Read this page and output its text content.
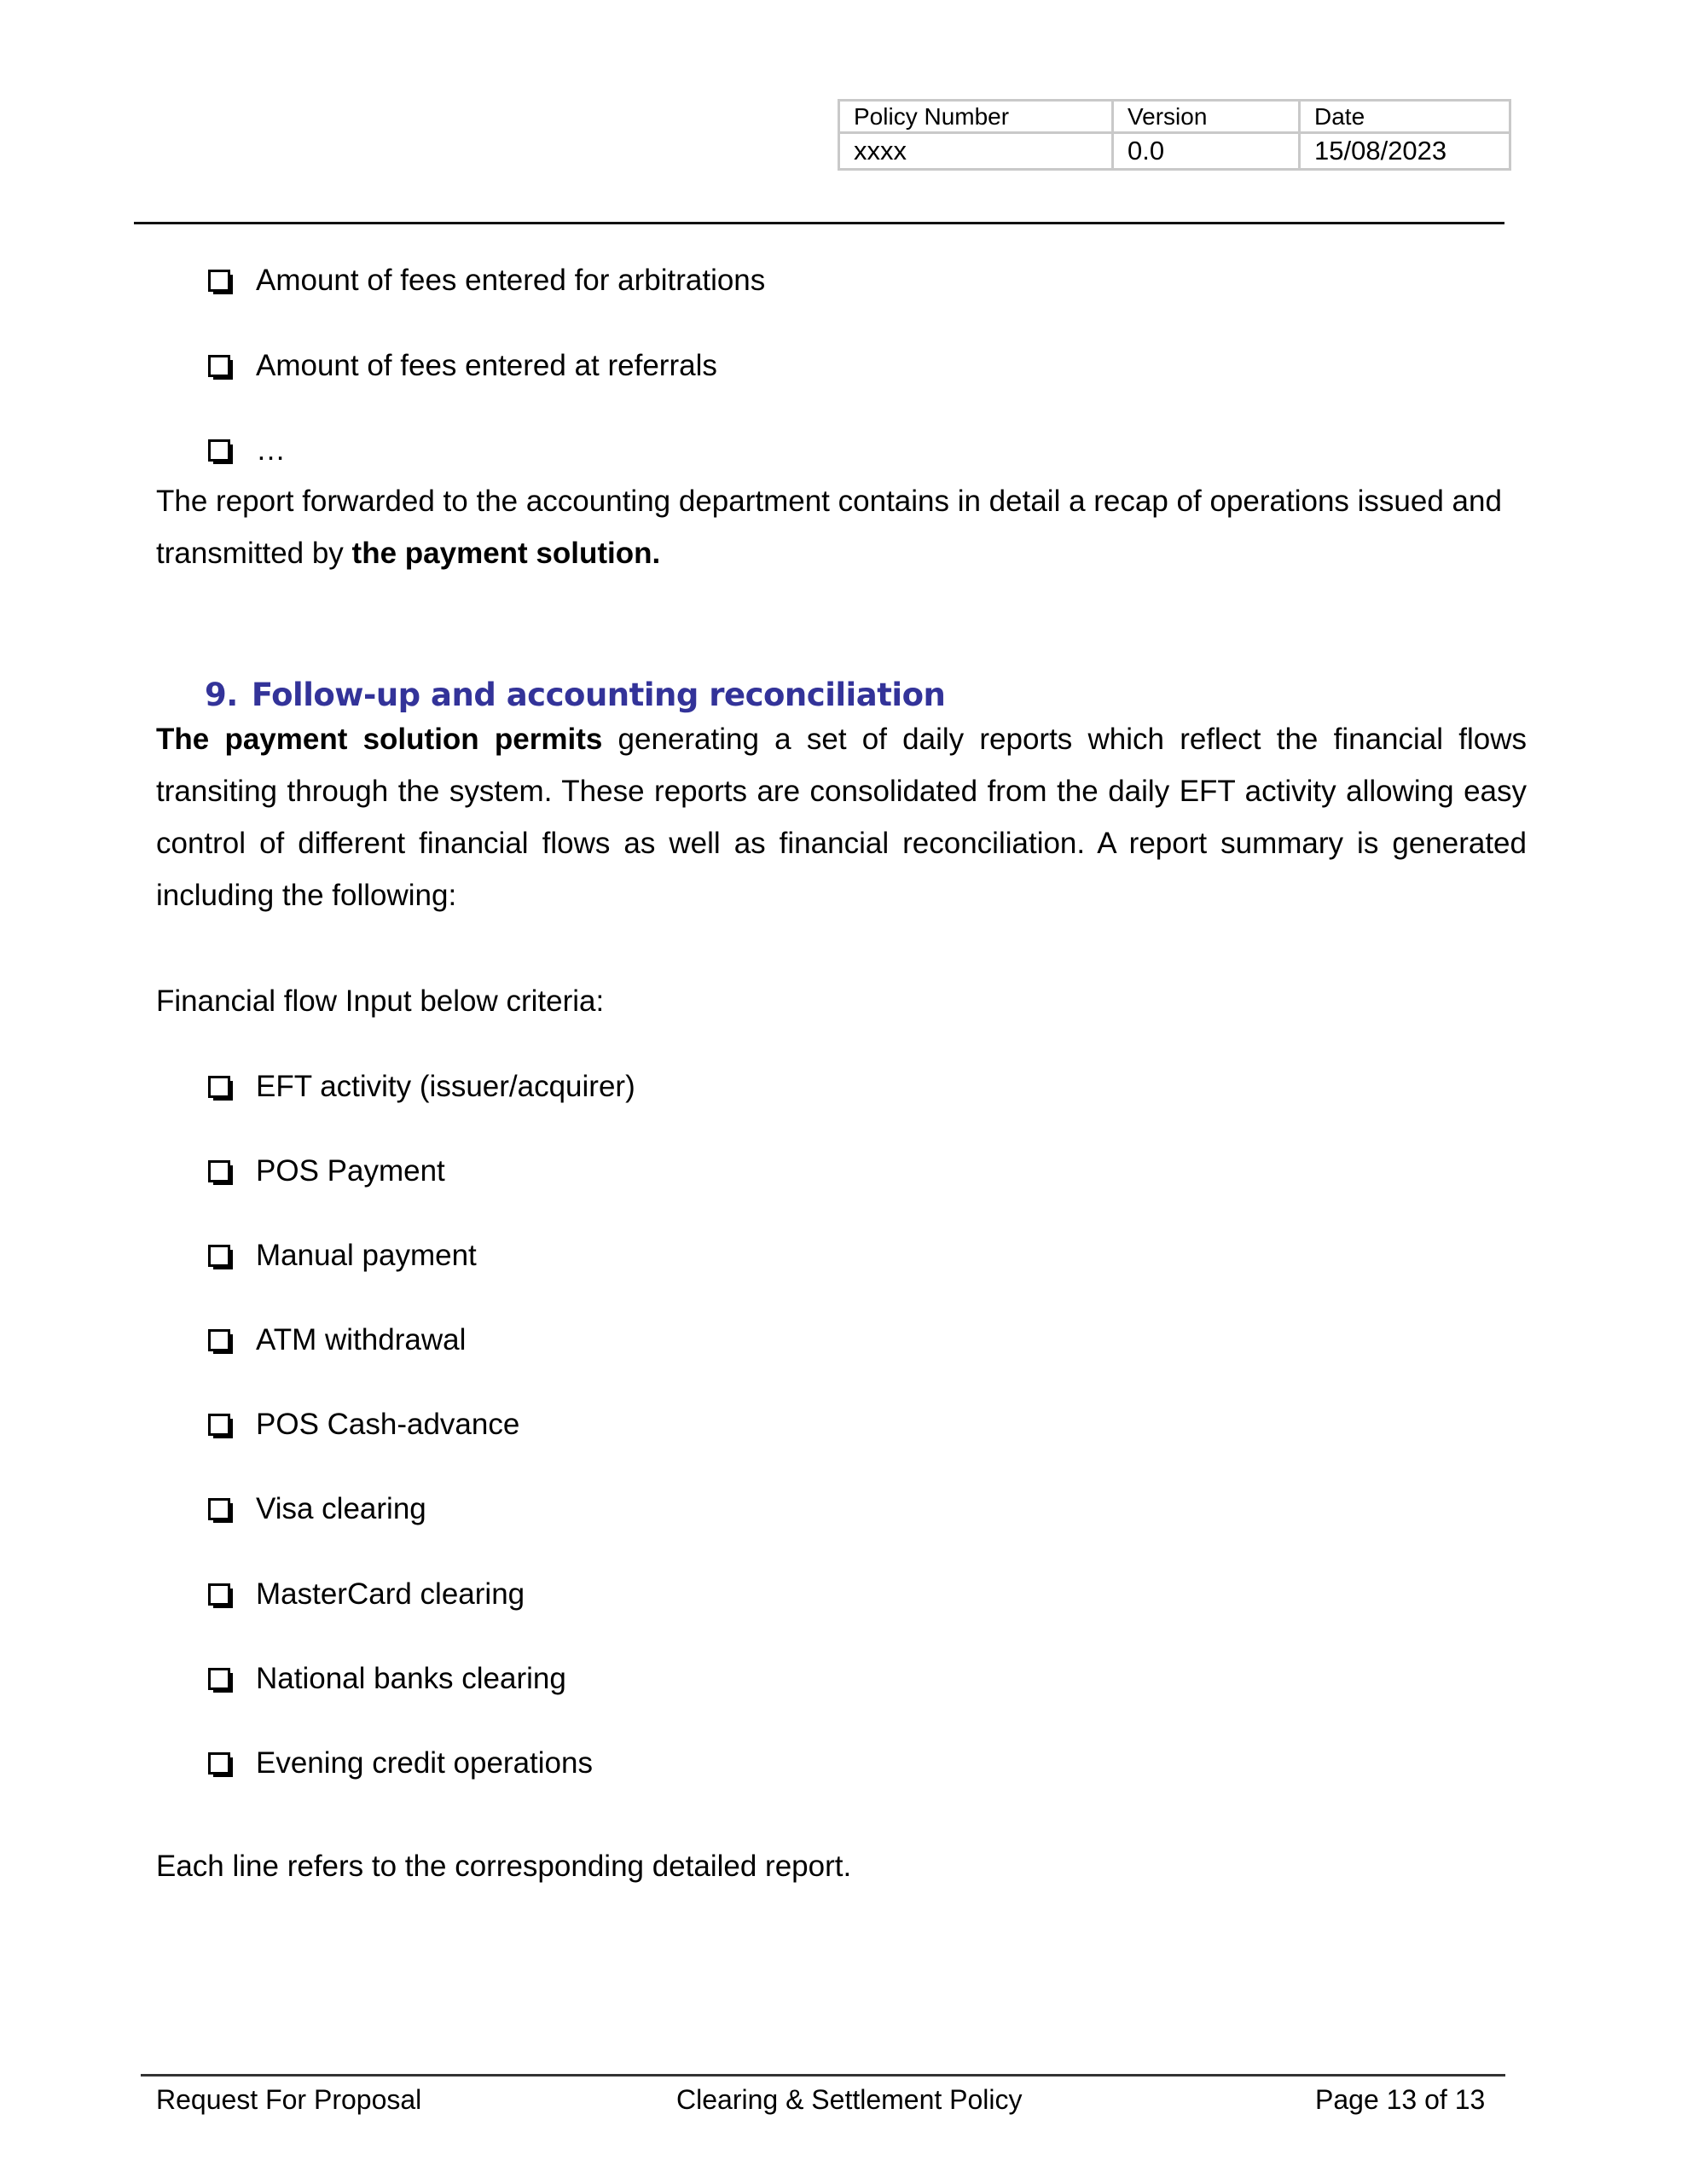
Policy Number	Version	Date
xxxx	0.0	15/08/2023
Amount of fees entered for arbitrations
Amount of fees entered at referrals
…
The report forwarded to the accounting department contains in detail a recap of operations issued and transmitted by the payment solution.
9. Follow-up and accounting reconciliation
The payment solution permits generating a set of daily reports which reflect the financial flows transiting through the system. These reports are consolidated from the daily EFT activity allowing easy control of different financial flows as well as financial reconciliation. A report summary is generated including the following:
Financial flow Input below criteria:
EFT activity (issuer/acquirer)
POS Payment
Manual payment
ATM withdrawal
POS Cash-advance
Visa clearing
MasterCard clearing
National banks clearing
Evening credit operations
Each line refers to the corresponding detailed report.
Request For Proposal	Clearing & Settlement Policy	Page 13 of 13
